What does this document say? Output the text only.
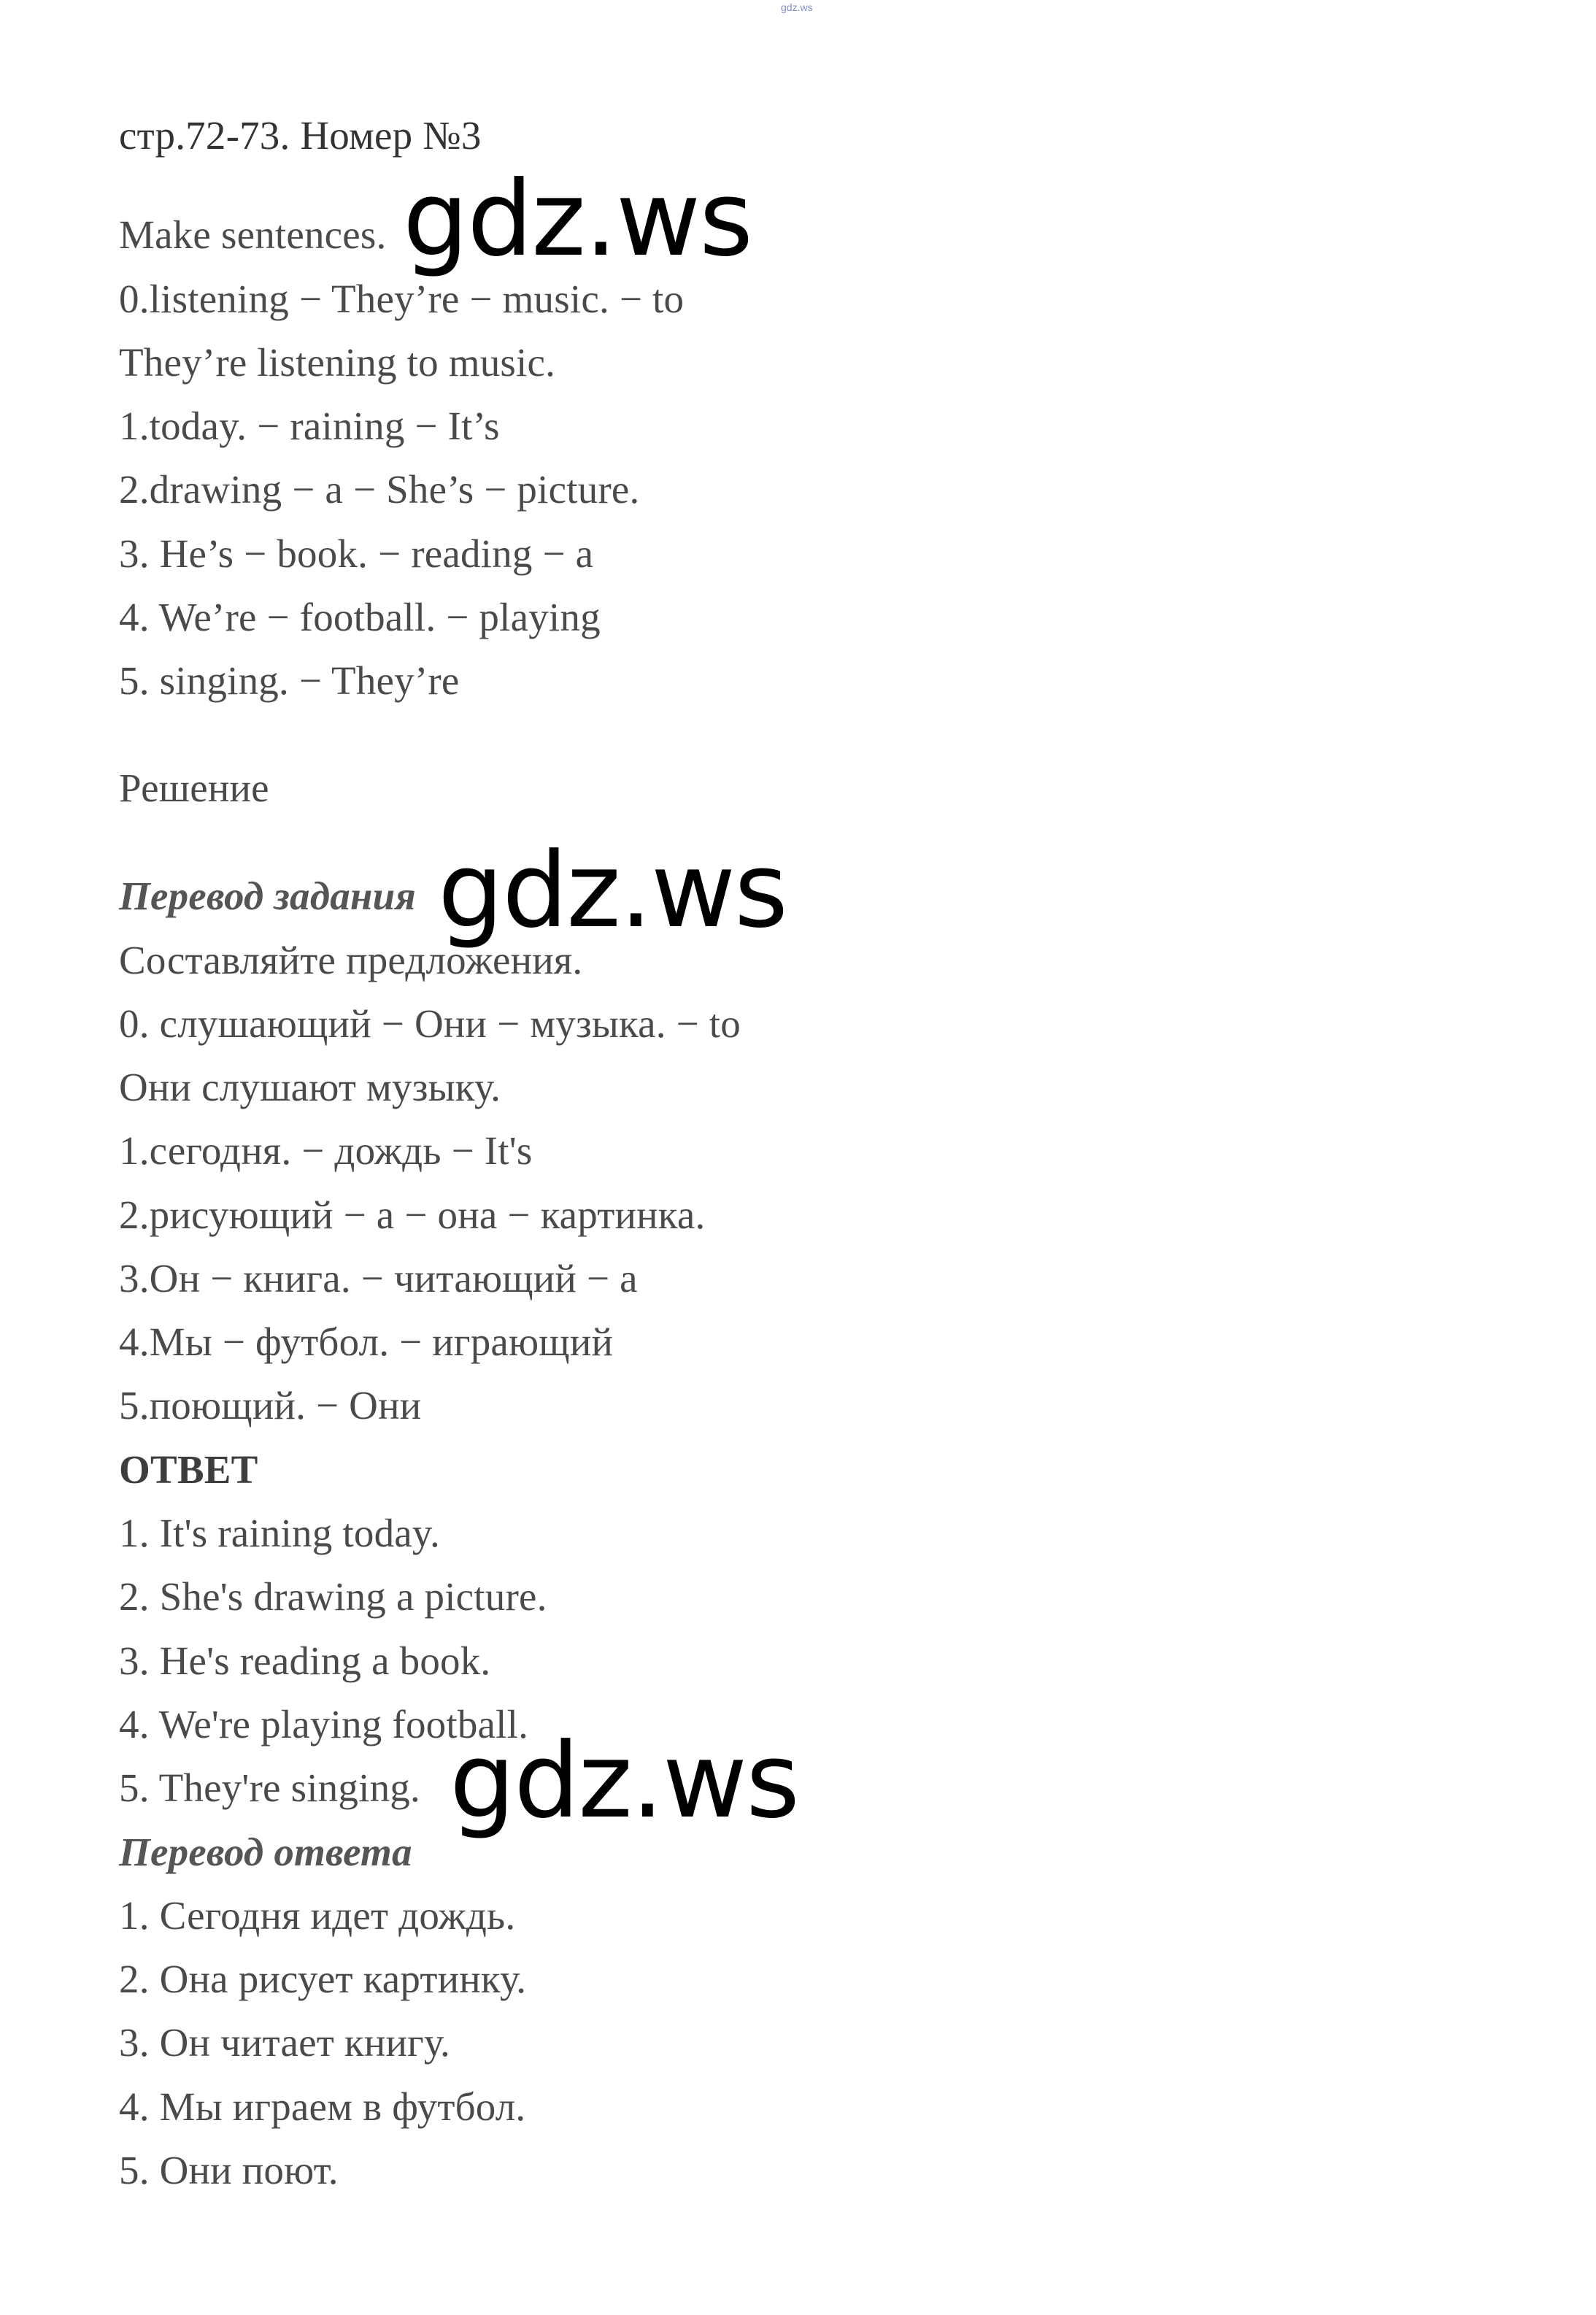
gdz.ws
стр.72-73. Номер №3
Make sentences.
0.listening − They’re − music. − to
They’re listening to music.
1.today. − raining − It’s
2.drawing − a − She’s − picture.
3. He’s − book. − reading − a
4. We’re − football. − playing
5. singing. − They’re
Решение
Перевод задания
Составляйте предложения.
0. слушающий − Они − музыка. − to
Они слушают музыку.
1.сегодня. − дождь − It's
2.рисующий − a − она − картинка.
3.Он − книга. − читающий − a
4.Мы − футбол. − играющий
5.поющий. − Они
ОТВЕТ
1. It's raining today.
2. She's drawing a picture.
3. He's reading a book.
4. We're playing football.
5. They're singing.
Перевод ответа
1. Сегодня идет дождь.
2. Она рисует картинку.
3. Он читает книгу.
4. Мы играем в футбол.
5. Они поют.
gdz.ws
gdz.ws
gdz.ws
